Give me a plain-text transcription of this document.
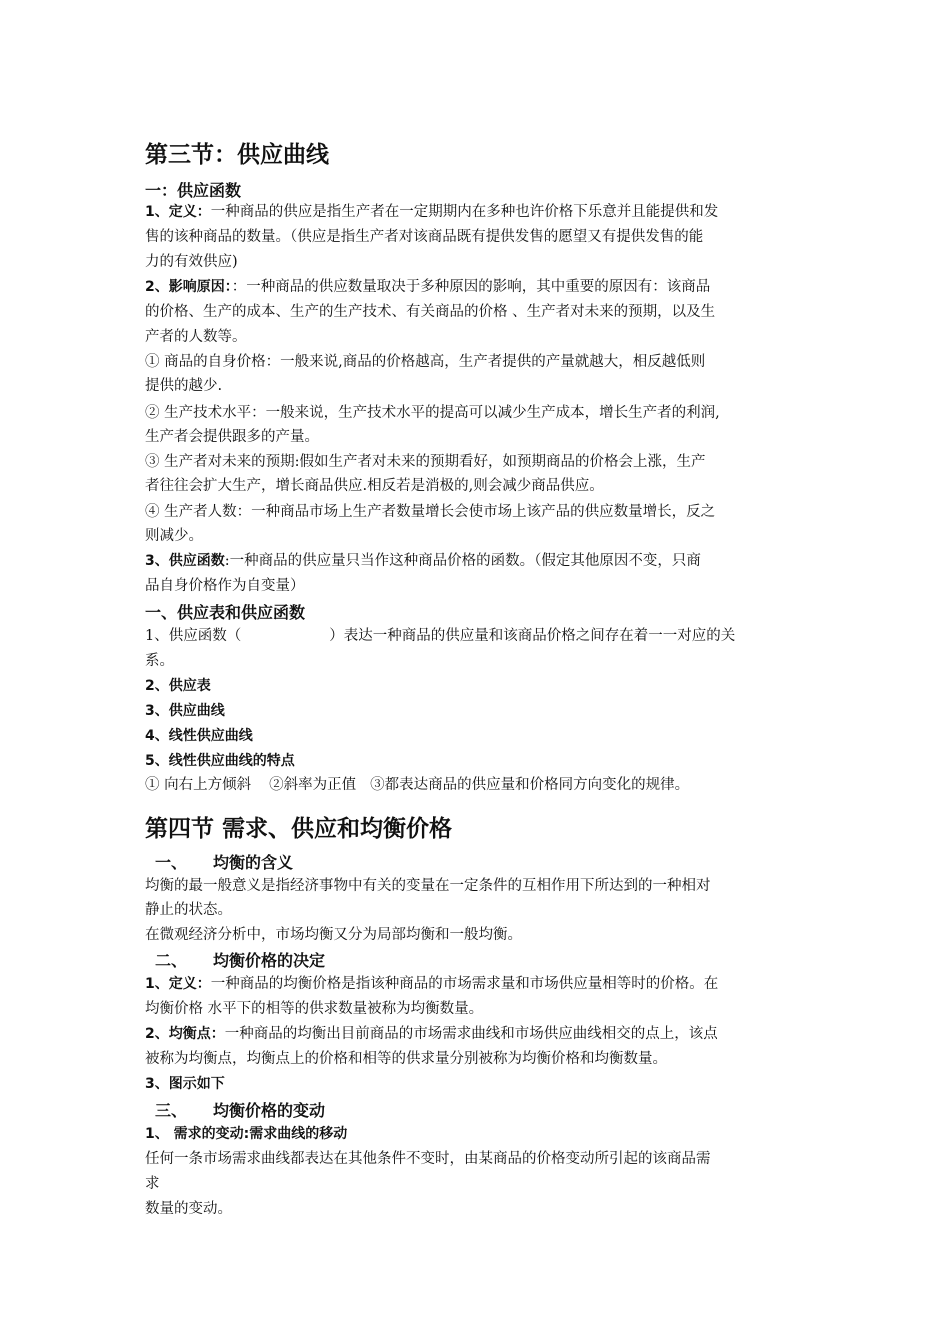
第三节：供应曲线
一：供应函数
1、定义：一种商品的供应是指生产者在一定期期内在多种也许价格下乐意并且能提供和发
售的该种商品的数量。（供应是指生产者对该商品既有提供发售的愿望又有提供发售的能
力的有效供应)
2、影响原因：：一种商品的供应数量取决于多种原因的影响，其中重要的原因有：该商品
的价格、生产的成本、生产的生产技术、有关商品的价格 、生产者对未来的预期，以及生
产者的人数等。
① 商品的自身价格：一般来说,商品的价格越高，生产者提供的产量就越大，相反越低则
提供的越少.
② 生产技术水平：一般来说，生产技术水平的提高可以减少生产成本，增长生产者的利润,
生产者会提供跟多的产量。
③ 生产者对未来的预期:假如生产者对未来的预期看好，如预期商品的价格会上涨，生产
者往往会扩大生产，增长商品供应.相反若是消极的,则会减少商品供应。
④ 生产者人数：一种商品市场上生产者数量增长会使市场上该产品的供应数量增长，反之
则减少。
3、供应函数:一种商品的供应量只当作这种商品价格的函数。（假定其他原因不变，只商
品自身价格作为自变量）
一、供应表和供应函数
1、供应函数（	）表达一种商品的供应量和该商品价格之间存在着一一对应的关
系。
2、供应表
3、供应曲线
4、线性供应曲线
5、线性供应曲线的特点
① 向右上方倾斜 ②斜率为正值 ③都表达商品的供应量和价格同方向变化的规律。
第四节 需求、供应和均衡价格
一、 均衡的含义
均衡的最一般意义是指经济事物中有关的变量在一定条件的互相作用下所达到的一种相对
静止的状态。
在微观经济分析中，市场均衡又分为局部均衡和一般均衡。
二、 均衡价格的决定
1、定义：一种商品的均衡价格是指该种商品的市场需求量和市场供应量相等时的价格。在
均衡价格 水平下的相等的供求数量被称为均衡数量。
2、均衡点：一种商品的均衡出目前商品的市场需求曲线和市场供应曲线相交的点上，该点
被称为均衡点，均衡点上的价格和相等的供求量分别被称为均衡价格和均衡数量。
3、图示如下
三、 均衡价格的变动
1、 需求的变动:需求曲线的移动
任何一条市场需求曲线都表达在其他条件不变时，由某商品的价格变动所引起的该商品需
求
数量的变动。
